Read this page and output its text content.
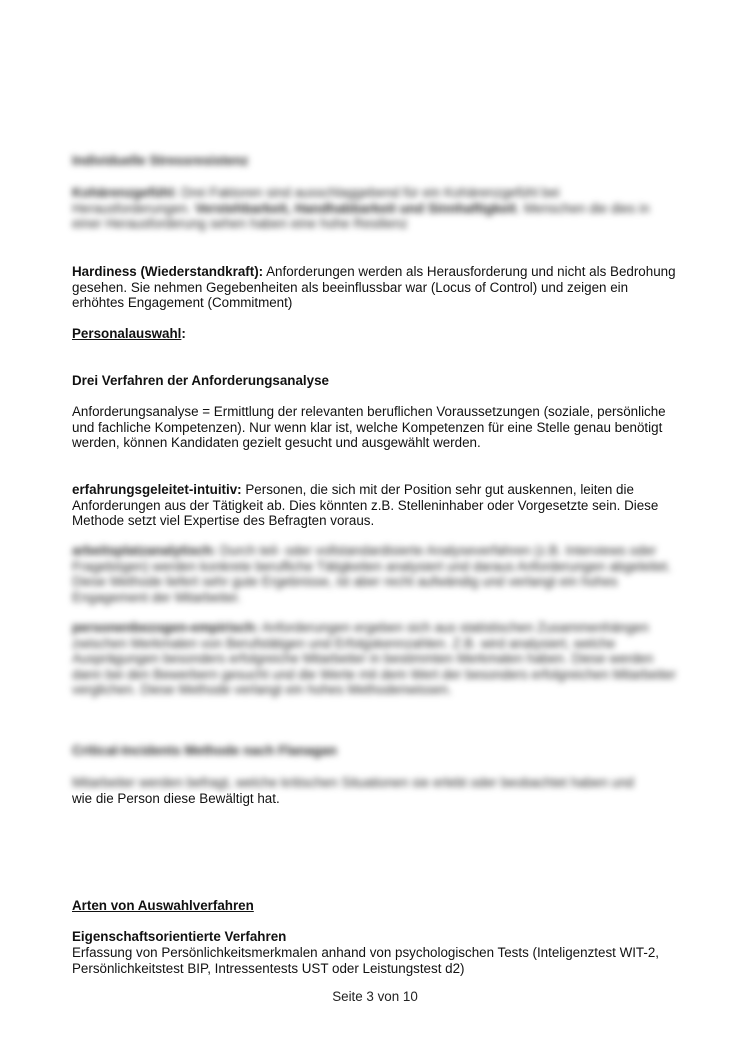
Individuelle Stressresistenz
Kohärenzgefühl: Drei Faktoren sind ausschlaggebend für ein Kohärenzgefühl bei Herausforderungen. Verstehbarkeit, Handhabbarkeit und Sinnhaftigkeit. Menschen die dies in einer Herausforderung sehen haben eine hohe Resilienz
Hardiness (Wiederstandkraft): Anforderungen werden als Herausforderung und nicht als Bedrohung gesehen. Sie nehmen Gegebenheiten als beeinflussbar war (Locus of Control) und zeigen ein erhöhtes Engagement (Commitment)
Personalauswahl:
Drei Verfahren der Anforderungsanalyse
Anforderungsanalyse = Ermittlung der relevanten beruflichen Voraussetzungen (soziale, persönliche und fachliche Kompetenzen). Nur wenn klar ist, welche Kompetenzen für eine Stelle genau benötigt werden, können Kandidaten gezielt gesucht und ausgewählt werden.
erfahrungsgeleitet-intuitiv: Personen, die sich mit der Position sehr gut auskennen, leiten die Anforderungen aus der Tätigkeit ab. Dies könnten z.B. Stelleninhaber oder Vorgesetzte sein. Diese Methode setzt viel Expertise des Befragten voraus.
arbeitsplatzanalytisch: Durch teil- oder vollstandardisierte Analyseverfahren (z.B. Interviews oder Fragebögen) werden konkrete berufliche Tätigkeiten analysiert und daraus Anforderungen abgeleitet. Diese Methode liefert sehr gute Ergebnisse, ist aber recht aufwändig und verlangt ein hohes Engagement der Mitarbeiter.
personenbezogen-empirisch: Anforderungen ergeben sich aus statistischen Zusammenhängen zwischen Merkmalen von Berufstätigen und Erfolgskennzahlen. Z.B. wird analysiert, welche Ausprägungen besonders erfolgreiche Mitarbeiter in bestimmten Merkmalen haben. Diese werden dann bei den Bewerbern gesucht und die Werte mit dem Wert der besonders erfolgreichen Mitarbeiter verglichen. Diese Methode verlangt ein hohes Methodenwissen.
Critical-Incidents Methode nach Flanagan
Mitarbeiter werden befragt, welche kritischen Situationen sie erlebt oder beobachtet haben und
wie die Person diese Bewältigt hat.
Arten von Auswahlverfahren
Eigenschaftsorientierte Verfahren
Erfassung von Persönlichkeitsmerkmalen anhand von psychologischen Tests (Inteligenztest WIT-2, Persönlichkeitstest BIP, Intressentests UST oder Leistungstest d2)
Seite 3 von 10
